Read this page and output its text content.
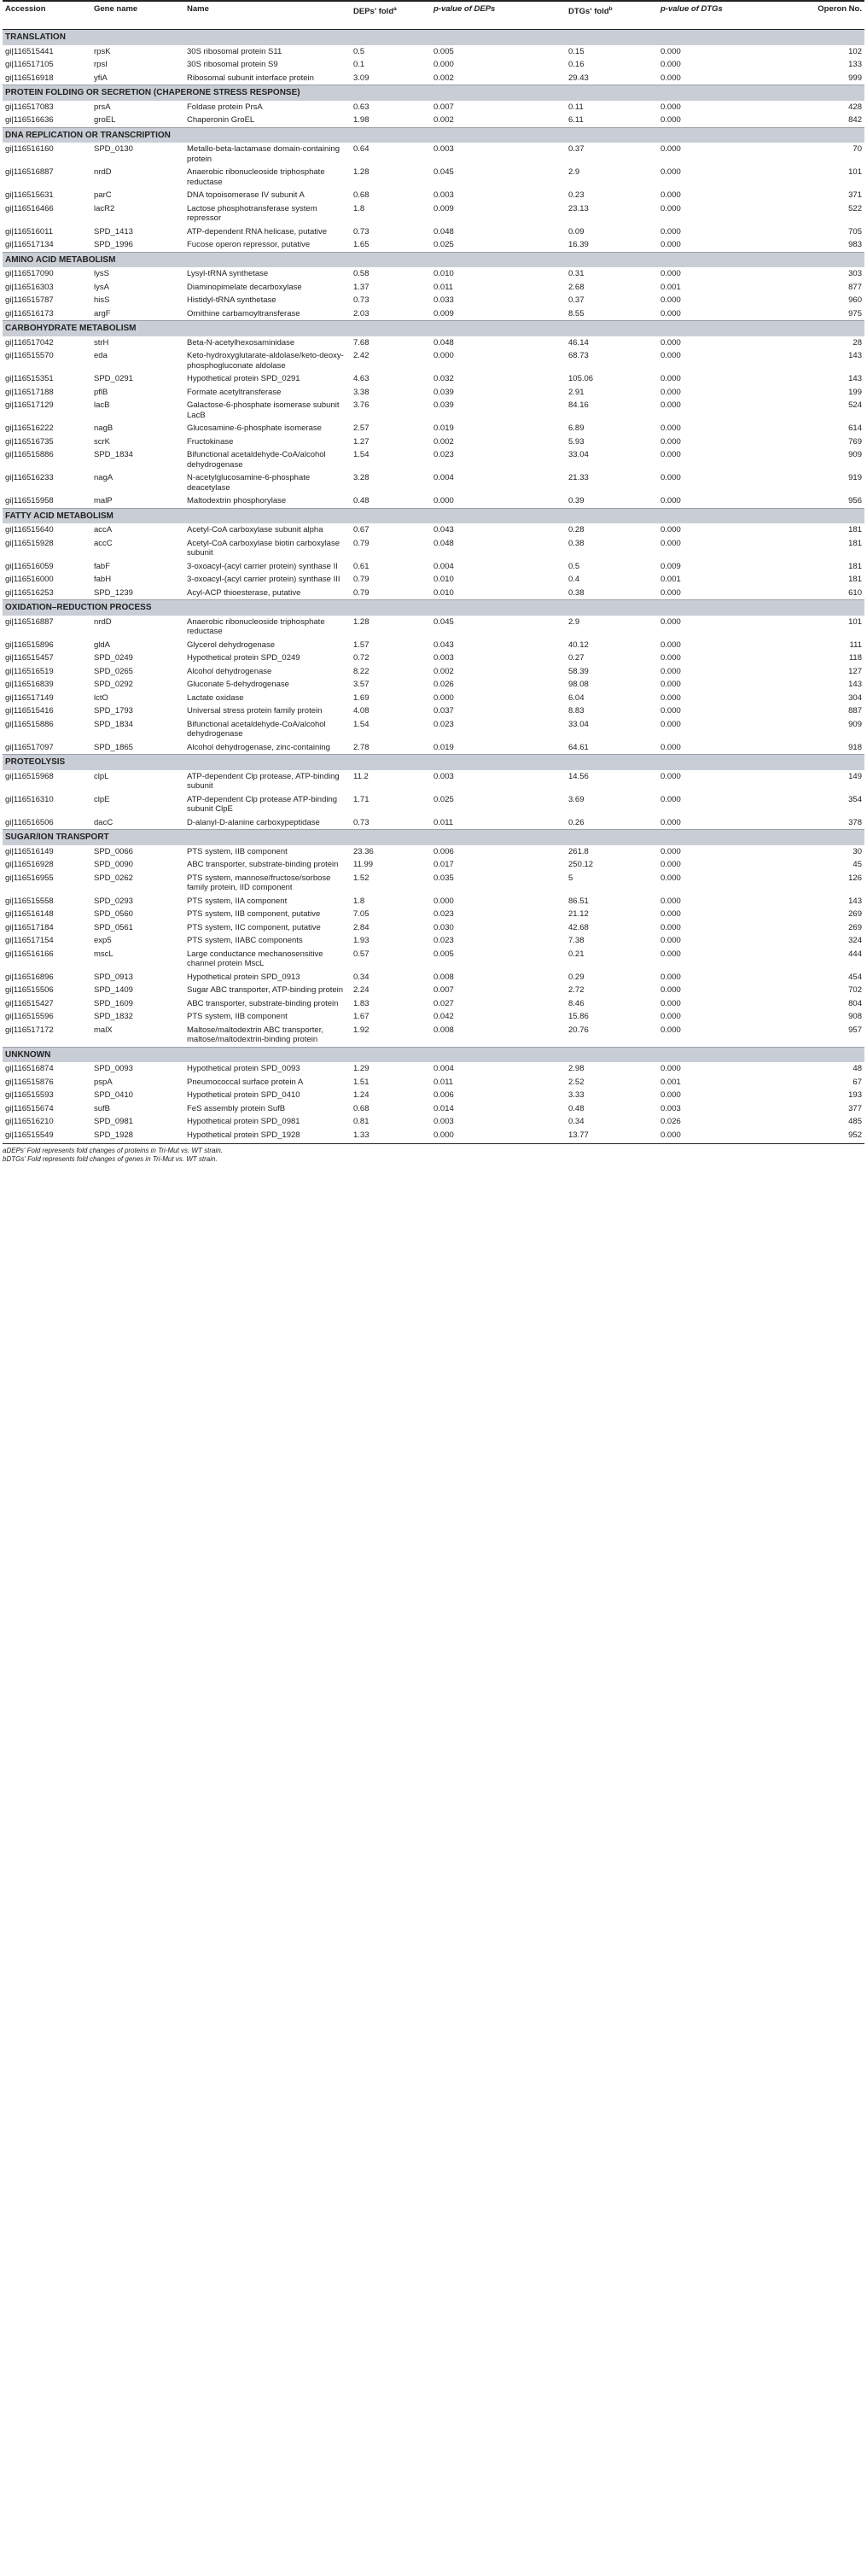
Accession	Gene name	Name	DEPs' fold$^a$	p-value of DEPs	DTGs' fold$^b$	p-value of DTGs	Operon No.
TRANSLATION							
gi|116515441	rpsK	30S ribosomal protein S11	0.5	0.005	0.15	0.000	102
gi|116517105	rpsI	30S ribosomal protein S9	0.1	0.000	0.16	0.000	133
gi|116516918	yfiA	Ribosomal subunit interface protein	3.09	0.002	29.43	0.000	999
PROTEIN FOLDING OR SECRETION (CHAPERONE STRESS RESPONSE)							
gi|116517083	prsA	Foldase protein PrsA	0.63	0.007	0.11	0.000	428
gi|116516636	groEL	Chaperonin GroEL	1.98	0.002	6.11	0.000	842
DNA REPLICATION OR TRANSCRIPTION							
gi|116516160	SPD_0130	Metallo-beta-lactamase domain-containing protein	0.64	0.003	0.37	0.000	70
gi|116516887	nrdD	Anaerobic ribonucleoside triphosphate reductase	1.28	0.045	2.9	0.000	101
gi|116515631	parC	DNA topoisomerase IV subunit A	0.68	0.003	0.23	0.000	371
gi|116516466	lacR2	Lactose phosphotransferase system repressor	1.8	0.009	23.13	0.000	522
gi|116516011	SPD_1413	ATP-dependent RNA helicase, putative	0.73	0.048	0.09	0.000	705
gi|116517134	SPD_1996	Fucose operon repressor, putative	1.65	0.025	16.39	0.000	983
AMINO ACID METABOLISM							
gi|116517090	lysS	Lysyl-tRNA synthetase	0.58	0.010	0.31	0.000	303
gi|116516303	lysA	Diaminopimelate decarboxylase	1.37	0.011	2.68	0.001	877
gi|116515787	hisS	Histidyl-tRNA synthetase	0.73	0.033	0.37	0.000	960
gi|116516173	argF	Ornithine carbamoyltransferase	2.03	0.009	8.55	0.000	975
CARBOHYDRATE METABOLISM							
gi|116517042	strH	Beta-N-acetylhexosaminidase	7.68	0.048	46.14	0.000	28
gi|116515570	eda	Keto-hydroxyglutarate-aldolase/keto-deoxy-phosphogluconate aldolase	2.42	0.000	68.73	0.000	143
gi|116515351	SPD_0291	Hypothetical protein SPD_0291	4.63	0.032	105.06	0.000	143
gi|116517188	pflB	Formate acetyltransferase	3.38	0.039	2.91	0.000	199
gi|116517129	lacB	Galactose-6-phosphate isomerase subunit LacB	3.76	0.039	84.16	0.000	524
gi|116516222	nagB	Glucosamine-6-phosphate isomerase	2.57	0.019	6.89	0.000	614
gi|116516735	scrK	Fructokinase	1.27	0.002	5.93	0.000	769
gi|116515886	SPD_1834	Bifunctional acetaldehyde-CoA/alcohol dehydrogenase	1.54	0.023	33.04	0.000	909
gi|116516233	nagA	N-acetylglucosamine-6-phosphate deacetylase	3.28	0.004	21.33	0.000	919
gi|116515958	malP	Maltodextrin phosphorylase	0.48	0.000	0.39	0.000	956
FATTY ACID METABOLISM							
gi|116515640	accA	Acetyl-CoA carboxylase subunit alpha	0.67	0.043	0.28	0.000	181
gi|116515928	accC	Acetyl-CoA carboxylase biotin carboxylase subunit	0.79	0.048	0.38	0.000	181
gi|116516059	fabF	3-oxoacyl-(acyl carrier protein) synthase II	0.61	0.004	0.5	0.009	181
gi|116516000	fabH	3-oxoacyl-(acyl carrier protein) synthase III	0.79	0.010	0.4	0.001	181
gi|116516253	SPD_1239	Acyl-ACP thioesterase, putative	0.79	0.010	0.38	0.000	610
OXIDATION–REDUCTION PROCESS							
gi|116516887	nrdD	Anaerobic ribonucleoside triphosphate reductase	1.28	0.045	2.9	0.000	101
gi|116515896	gldA	Glycerol dehydrogenase	1.57	0.043	40.12	0.000	111
gi|116515457	SPD_0249	Hypothetical protein SPD_0249	0.72	0.003	0.27	0.000	118
gi|116516519	SPD_0265	Alcohol dehydrogenase	8.22	0.002	58.39	0.000	127
gi|116516839	SPD_0292	Gluconate 5-dehydrogenase	3.57	0.026	98.08	0.000	143
gi|116517149	lctO	Lactate oxidase	1.69	0.000	6.04	0.000	304
gi|116515416	SPD_1793	Universal stress protein family protein	4.08	0.037	8.83	0.000	887
gi|116515886	SPD_1834	Bifunctional acetaldehyde-CoA/alcohol dehydrogenase	1.54	0.023	33.04	0.000	909
gi|116517097	SPD_1865	Alcohol dehydrogenase, zinc-containing	2.78	0.019	64.61	0.000	918
PROTEOLYSIS							
gi|116515968	clpL	ATP-dependent Clp protease, ATP-binding subunit	11.2	0.003	14.56	0.000	149
gi|116516310	clpE	ATP-dependent Clp protease ATP-binding subunit ClpE	1.71	0.025	3.69	0.000	354
gi|116516506	dacC	D-alanyl-D-alanine carboxypeptidase	0.73	0.011	0.26	0.000	378
SUGAR/ION TRANSPORT							
gi|116516149	SPD_0066	PTS system, IIB component	23.36	0.006	261.8	0.000	30
gi|116516928	SPD_0090	ABC transporter, substrate-binding protein	11.99	0.017	250.12	0.000	45
gi|116516955	SPD_0262	PTS system, mannose/fructose/sorbose family protein, IID component	1.52	0.035	5	0.000	126
gi|116515558	SPD_0293	PTS system, IIA component	1.8	0.000	86.51	0.000	143
gi|116516148	SPD_0560	PTS system, IIB component, putative	7.05	0.023	21.12	0.000	269
gi|116517184	SPD_0561	PTS system, IIC component, putative	2.84	0.030	42.68	0.000	269
gi|116517154	exp5	PTS system, IIABC components	1.93	0.023	7.38	0.000	324
gi|116516166	mscL	Large conductance mechanosensitive channel protein MscL	0.57	0.005	0.21	0.000	444
gi|116516896	SPD_0913	Hypothetical protein SPD_0913	0.34	0.008	0.29	0.000	454
gi|116515506	SPD_1409	Sugar ABC transporter, ATP-binding protein	2.24	0.007	2.72	0.000	702
gi|116515427	SPD_1609	ABC transporter, substrate-binding protein	1.83	0.027	8.46	0.000	804
gi|116515596	SPD_1832	PTS system, IIB component	1.67	0.042	15.86	0.000	908
gi|116517172	malX	Maltose/maltodextrin ABC transporter, maltose/maltodextrin-binding protein	1.92	0.008	20.76	0.000	957
UNKNOWN							
gi|116516874	SPD_0093	Hypothetical protein SPD_0093	1.29	0.004	2.98	0.000	48
gi|116515876	pspA	Pneumococcal surface protein A	1.51	0.011	2.52	0.001	67
gi|116515593	SPD_0410	Hypothetical protein SPD_0410	1.24	0.006	3.33	0.000	193
gi|116515674	sufB	FeS assembly protein SufB	0.68	0.014	0.48	0.003	377
gi|116516210	SPD_0981	Hypothetical protein SPD_0981	0.81	0.003	0.34	0.026	485
gi|116515549	SPD_1928	Hypothetical protein SPD_1928	1.33	0.000	13.77	0.000	952
aDEPs' Fold represents fold changes of proteins in Tri-Mut vs. WT strain.
bDTGs' Fold represents fold changes of genes in Tri-Mut vs. WT strain.
